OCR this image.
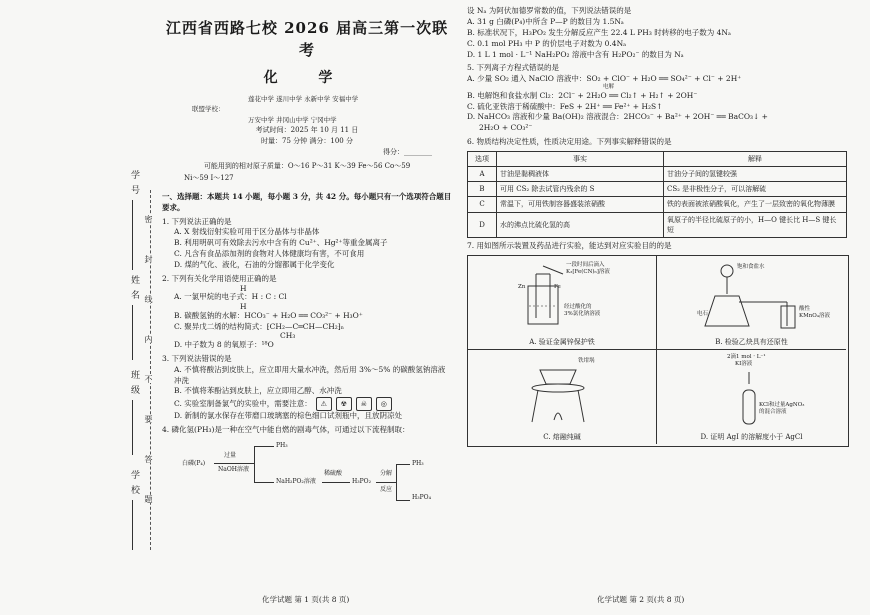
学
号
姓
名
班
级
学
校
密
封
线
内
不
要
答
题
江西省西路七校 2026 届高三第一次联考
化 学
莲花中学 遂川中学 永新中学 安福中学
联盟学校：
万安中学 井冈山中学 宁冈中学
考试时间：2025 年 10 月 11 日
时量：75 分钟 满分：100 分
得分：________
可能用到的相对原子质量：O～16 P～31 K～39 Fe～56 Co～59
Ni～59 I～127
一、选择题：本题共 14 小题，每小题 3 分，共 42 分。每小题只有一个选项符合题目要求。

1. 下列说法正确的是

A. X 射线衍射实验可用于区分晶体与非晶体

B. 利用明矾可有效除去污水中含有的 Cu²⁺、Hg²⁺等重金属离子

C. 凡含有食品添加剂的食物对人体健康均有害，不可食用

D. 煤的气化、液化，石油的分馏都属于化学变化

2. 下列有关化学用语使用正确的是

H

A. 一氯甲烷的电子式：H : C : Cl

H

B. 碳酸氢钠的水解：HCO₃⁻ + H₂O ══ CO₃²⁻ + H₃O⁺

C. 聚异戊二烯的结构简式：⁅CH₂—C═CH—CH₂⁆ₙ

CH₃

D. 中子数为 8 的氧原子：¹⁸O

3. 下列说法错误的是

A. 不慎将酸沾到皮肤上，应立即用大量水冲洗，然后用 3%～5% 的碳酸氢钠溶液冲洗

B. 不慎将苯酚沾到皮肤上，应立即用乙醇、水冲洗

C. 实验室制备氯气的实验中，需要注意：	⚠	☢	☠	◎

D. 新制的氯水保存在带磨口玻璃塞的棕色细口试剂瓶中，且放阴凉处

4. 磷化氢(PH₃)是一种在空气中能自燃的剧毒气体，可通过以下流程制取：

白磷(P₄)
过量
NaOH溶液
PH₃
NaH₂PO₂溶液
稀硫酸
H₃PO₂
分解
反应
PH₃
H₃PO₄
化学试题 第 1 页(共 8 页)

设 Nₐ 为阿伏加德罗常数的值，下列说法错误的是

A. 31 g 白磷(P₄)中所含 P—P 的数目为 1.5Nₐ

B. 标准状况下，H₃PO₂ 发生分解反应产生 22.4 L PH₃ 时转移的电子数为 4Nₐ

C. 0.1 mol PH₃ 中 P 的价层电子对数为 0.4Nₐ

D. 1 L 1 mol · L⁻¹ NaH₂PO₂ 溶液中含有 H₂PO₂⁻ 的数目为 Nₐ

5. 下列离子方程式错误的是

A. 少量 SO₂ 通入 NaClO 溶液中：SO₂ + ClO⁻ + H₂O ══ SO₄²⁻ + Cl⁻ + 2H⁺

电解

B. 电解饱和食盐水制 Cl₂：2Cl⁻ + 2H₂O ══ Cl₂↑ + H₂↑ + 2OH⁻

C. 硫化亚铁溶于稀硫酸中：FeS + 2H⁺ ══ Fe²⁺ + H₂S↑

D. NaHCO₃ 溶液和少量 Ba(OH)₂ 溶液混合：2HCO₃⁻ + Ba²⁺ + 2OH⁻ ══ BaCO₃↓ +

2H₂O + CO₃²⁻

6. 物质结构决定性质，性质决定用途。下列事实解释错误的是

选项	事实	解释
A	甘油是黏稠液体	甘油分子间的氢键较强
B	可用 CS₂ 除去试管内残余的 S	CS₂ 是非极性分子，可以溶解硫
C	常温下，可用铁制容器盛装浓硝酸	铁的表面被浓硝酸氧化，产生了一层致密的氧化物薄膜
D	水的沸点比硫化氢的高	氧原子的半径比硫原子的小，H—O 键长比 H—S 键长短

7. 用如图所示装置及药品进行实验，能达到对应实验目的的是

一段时间后滴入
K₃[Fe(CN)₆]溶液
Zn	Fe
经过酸化的
3%氯化钠溶液
A. 验证金属锌保护铁
饱和食盐水
电石
酸性
KMnO₄溶液
B. 检验乙炔具有还原性
铁坩埚
C. 熔融纯碱
2滴1 mol · L⁻¹
KI溶液
KCl和过量AgNO₃
的混合溶液
D. 证明 AgI 的溶解度小于 AgCl
化学试题 第 2 页(共 8 页)
